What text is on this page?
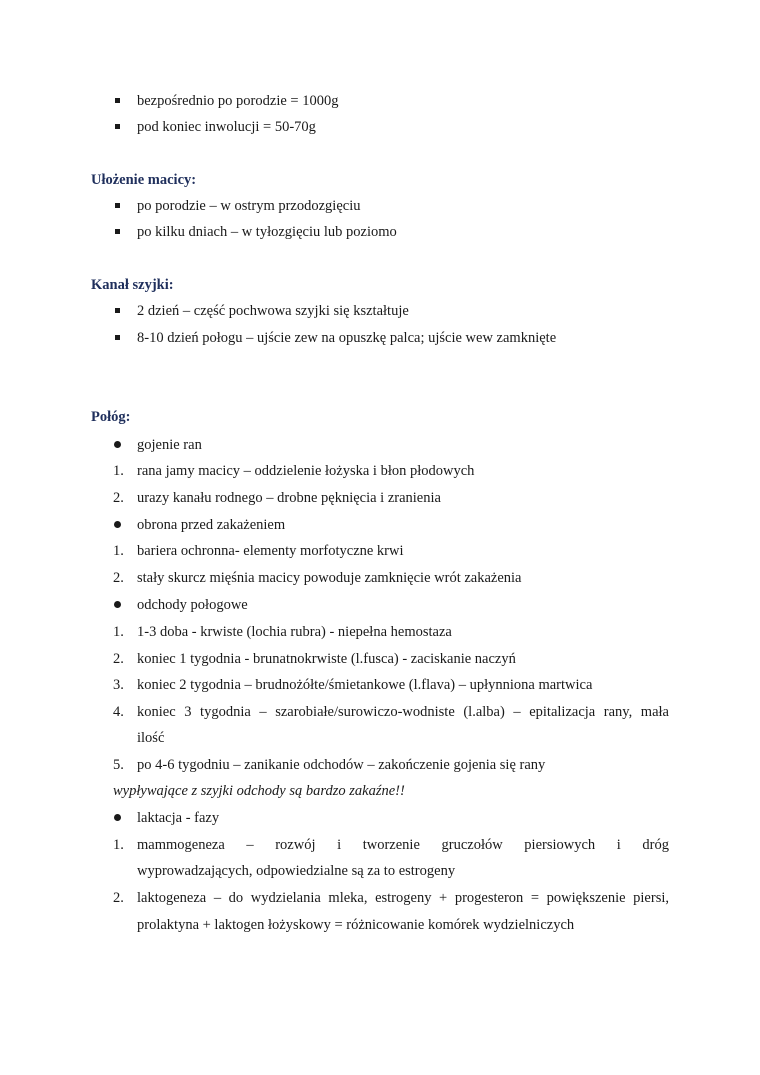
bezpośrednio po porodzie = 1000g
pod koniec inwolucji = 50-70g
Ułożenie macicy:
po porodzie – w ostrym przodozgięciu
po kilku dniach – w tyłozgięciu lub poziomo
Kanał szyjki:
2 dzień – część pochwowa szyjki się kształtuje
8-10 dzień połogu – ujście zew na opuszkę palca; ujście wew zamknięte
Połóg:
gojenie ran
1. rana jamy macicy – oddzielenie łożyska i błon płodowych
2. urazy kanału rodnego – drobne pęknięcia i zranienia
obrona przed zakażeniem
1. bariera ochronna- elementy morfotyczne krwi
2. stały skurcz mięśnia macicy powoduje zamknięcie wrót zakażenia
odchody połogowe
1. 1-3 doba - krwiste (lochia rubra) - niepełna hemostaza
2. koniec 1 tygodnia - brunatnokrwiste (l.fusca) - zaciskanie naczyń
3. koniec 2 tygodnia – brudnożółte/śmietankowe (l.flava) – upłynniona martwica
4. koniec 3 tygodnia – szarobiałe/surowiczo-wodniste (l.alba) – epitalizacja rany, mała
ilość
5. po 4-6 tygodniu – zanikanie odchodów – zakończenie gojenia się rany
wypływające z szyjki odchody są bardzo zakaźne!!
laktacja - fazy
1. mammogeneza – rozwój i tworzenie gruczołów piersiowych i dróg
wyprowadzających, odpowiedzialne są za to estrogeny
2. laktogeneza – do wydzielania mleka, estrogeny + progesteron = powiększenie piersi,
prolaktyna + laktogen łożyskowy = różnicowanie komórek wydzielniczych
